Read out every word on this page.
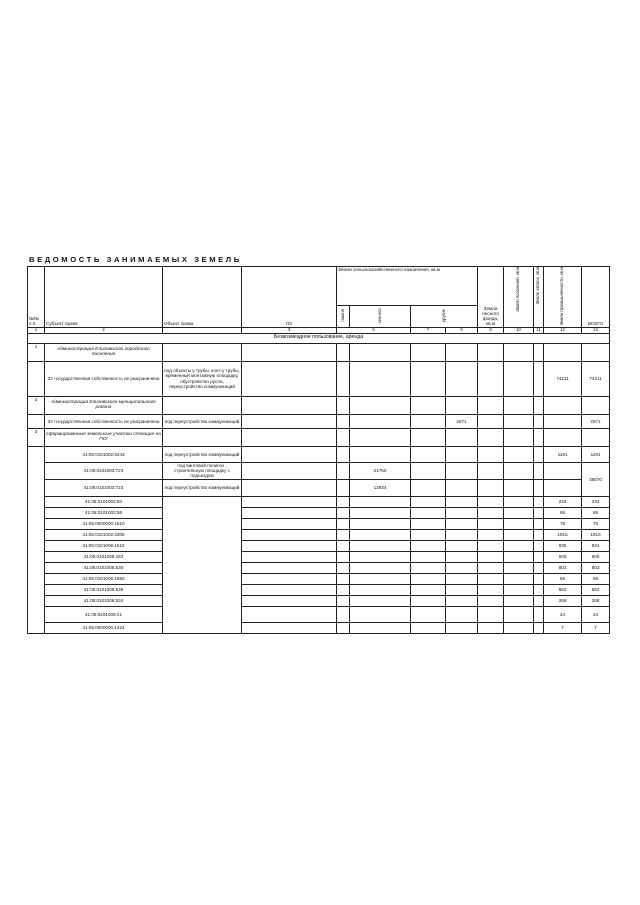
ВЕДОМОСТЬ ЗАНИМАЕМЫХ ЗЕМЕЛЬ
№№ п.п.	Субъект права	Объект права	ПЗ	Земли сельскохозяйственного назначения, кв.м				Земли лесного фонда, кв.м	Земли поселений, кв.м	Земли запаса, кв.м	Земли промышленности, кв.м	ВСЕГО
				пашня	сенокос	другие						
1	2		3	6		7	8	9	10	11	12	13
Безвозмездное пользование, аренда												
1	Администрация Елизовского городского поселения											
	ЗУ государственная собственность не разграничена	под объекты у трубы, конт-у трубы, временный монтажную площадку, обустройство русла, переустройство коммуникаций									74211	74211
2	Администрация Елизовского муниципального района											
	ЗУ государственная собственность не разграничена	под переустройство коммуникаций					2571					2571
3	сформированные земельные участки стоящие на ГКУ											
	41:05:0101002:5443	под переустройство коммуникаций									1191	1191
	41:05:0101003:723	под винтовой полигон , строительную площадку с подъездом			21750							35670
	41:05:0101003:723	под переустройство коммуникаций			13934							
	41:05:0101002:60										234	234
	41:05:0101002:56										65	65
	41:05:0000000:1510										75	75
	41:05:0101002:2309										1815	1815
	41:05:0101006:1516										835	834
	41:05:0101006:153										605	605
	41:05:0101006:530										803	803
	41:05:0101006:1682										56	56
	41:05:0101006:536										562	562
	41:05:0101006:534										268	268
	41:05:0101006:41										24	24
	41:05:0000000:1424										7	7
